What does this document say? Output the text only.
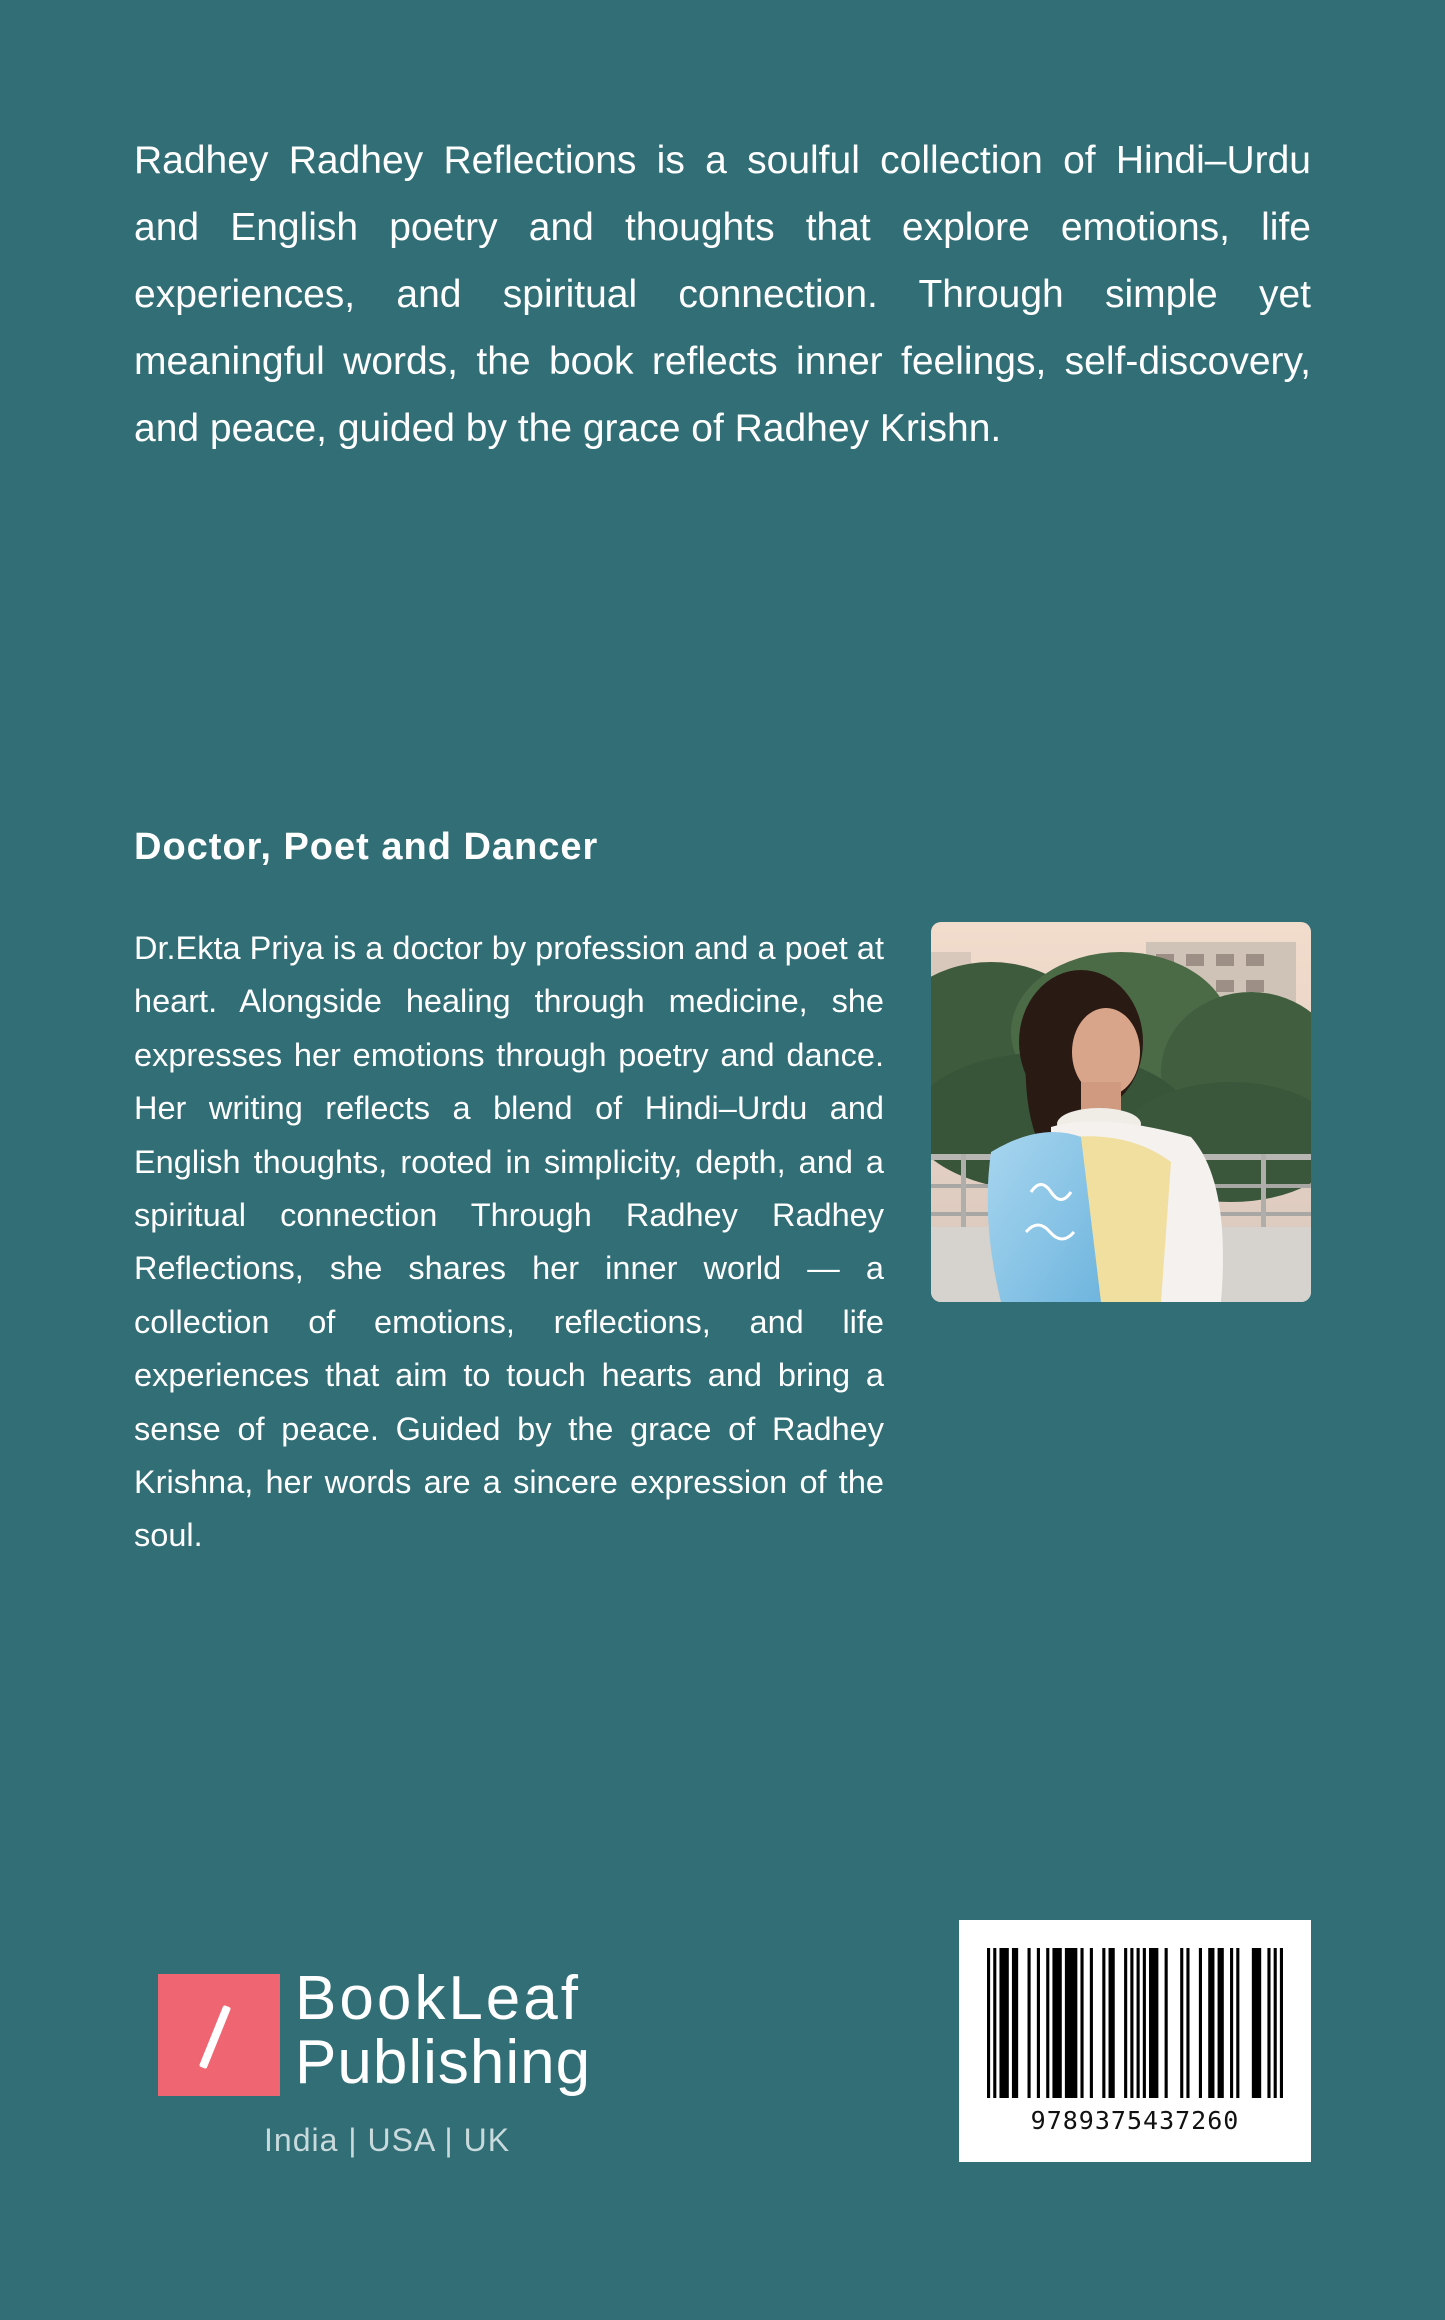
Radhey Radhey Reflections is a soulful collection of Hindi–Urdu and English poetry and thoughts that explore emotions, life experiences, and spiritual connection. Through simple yet meaningful words, the book reflects inner feelings, self-discovery, and peace, guided by the grace of Radhey Krishn.

Doctor, Poet and Dancer

Dr.Ekta Priya is a doctor by profession and a poet at heart. Alongside healing through medicine, she expresses her emotions through poetry and dance. Her writing reflects a blend of Hindi–Urdu and English thoughts, rooted in simplicity, depth, and a spiritual connection Through Radhey Radhey Reflections, she shares her inner world — a collection of emotions, reflections, and life experiences that aim to touch hearts and bring a sense of peace. Guided by the grace of Radhey Krishna, her words are a sincere expression of the soul.

BookLeaf
Publishing
India | USA | UK
9789375437260
